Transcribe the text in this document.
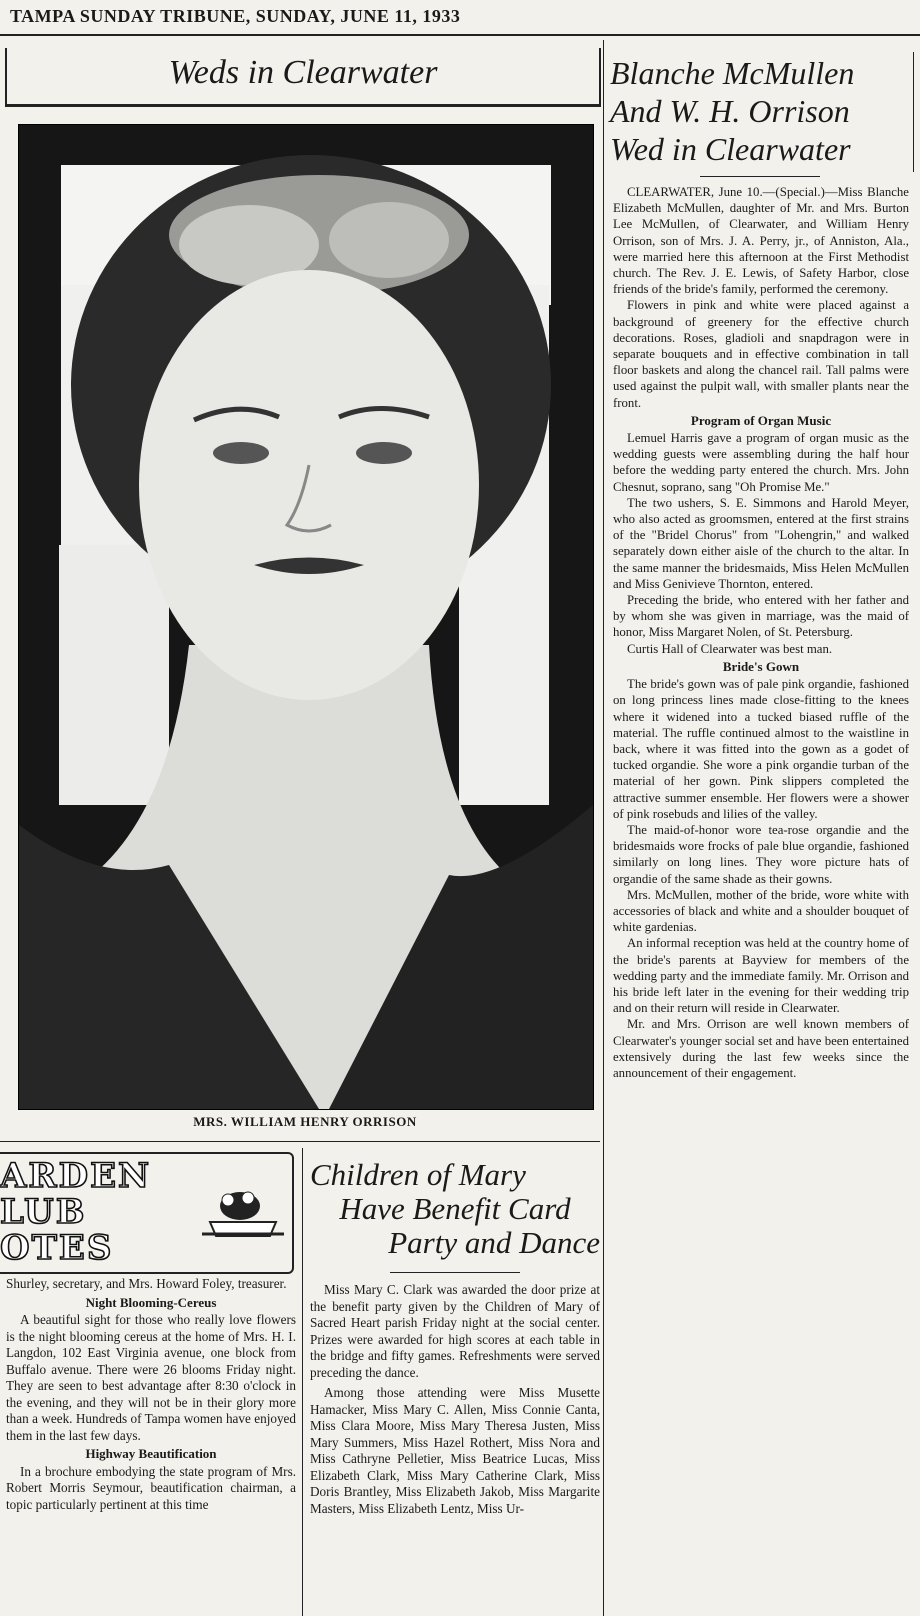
TAMPA SUNDAY TRIBUNE, SUNDAY, JUNE 11, 1933
Weds in Clearwater
MRS. WILLIAM HENRY ORRISON
ARDEN
LUB
OTES

Shurley, secretary, and Mrs. Howard Foley, treasurer.

Night Blooming-Cereus

A beautiful sight for those who really love flowers is the night blooming cereus at the home of Mrs. H. I. Langdon, 102 East Virginia avenue, one block from Buffalo avenue. There were 26 blooms Friday night. They are seen to best advantage after 8:30 o'clock in the evening, and they will not be in their glory more than a week. Hundreds of Tampa women have enjoyed them in the last few days.

Highway Beautification

In a brochure embodying the state program of Mrs. Robert Morris Seymour, beautification chairman, a topic particularly pertinent at this time

Children of Mary
Have Benefit Card
Party and Dance

Miss Mary C. Clark was awarded the door prize at the benefit party given by the Children of Mary of Sacred Heart parish Friday night at the social center. Prizes were awarded for high scores at each table in the bridge and fifty games. Refreshments were served preceding the dance.

Among those attending were Miss Musette Hamacker, Miss Mary C. Allen, Miss Connie Canta, Miss Clara Moore, Miss Mary Theresa Justen, Miss Mary Summers, Miss Hazel Rothert, Miss Nora and Miss Cathryne Pelletier, Miss Beatrice Lucas, Miss Elizabeth Clark, Miss Mary Catherine Clark, Miss Doris Brantley, Miss Elizabeth Jakob, Miss Margarite Masters, Miss Elizabeth Lentz, Miss Ur-

Blanche McMullen
And W. H. Orrison
Wed in Clearwater

CLEARWATER, June 10.—(Special.)—Miss Blanche Elizabeth McMullen, daughter of Mr. and Mrs. Burton Lee McMullen, of Clearwater, and William Henry Orrison, son of Mrs. J. A. Perry, jr., of Anniston, Ala., were married here this afternoon at the First Methodist church. The Rev. J. E. Lewis, of Safety Harbor, close friends of the bride's family, performed the ceremony.

Flowers in pink and white were placed against a background of greenery for the effective church decorations. Roses, gladioli and snapdragon were in separate bouquets and in effective combination in tall floor baskets and along the chancel rail. Tall palms were used against the pulpit wall, with smaller plants near the front.

Program of Organ Music

Lemuel Harris gave a program of organ music as the wedding guests were assembling during the half hour before the wedding party entered the church. Mrs. John Chesnut, soprano, sang "Oh Promise Me."

The two ushers, S. E. Simmons and Harold Meyer, who also acted as groomsmen, entered at the first strains of the "Bridel Chorus" from "Lohengrin," and walked separately down either aisle of the church to the altar. In the same manner the bridesmaids, Miss Helen McMullen and Miss Genivieve Thornton, entered.

Preceding the bride, who entered with her father and by whom she was given in marriage, was the maid of honor, Miss Margaret Nolen, of St. Petersburg.

Curtis Hall of Clearwater was best man.

Bride's Gown

The bride's gown was of pale pink organdie, fashioned on long princess lines made close-fitting to the knees where it widened into a tucked biased ruffle of the material. The ruffle continued almost to the waistline in back, where it was fitted into the gown as a godet of tucked organdie. She wore a pink organdie turban of the material of her gown. Pink slippers completed the attractive summer ensemble. Her flowers were a shower of pink rosebuds and lilies of the valley.

The maid-of-honor wore tea-rose organdie and the bridesmaids wore frocks of pale blue organdie, fashioned similarly on long lines. They wore picture hats of organdie of the same shade as their gowns.

Mrs. McMullen, mother of the bride, wore white with accessories of black and white and a shoulder bouquet of white gardenias.

An informal reception was held at the country home of the bride's parents at Bayview for members of the wedding party and the immediate family. Mr. Orrison and his bride left later in the evening for their wedding trip and on their return will reside in Clearwater.

Mr. and Mrs. Orrison are well known members of Clearwater's younger social set and have been entertained extensively during the last few weeks since the announcement of their engagement.
